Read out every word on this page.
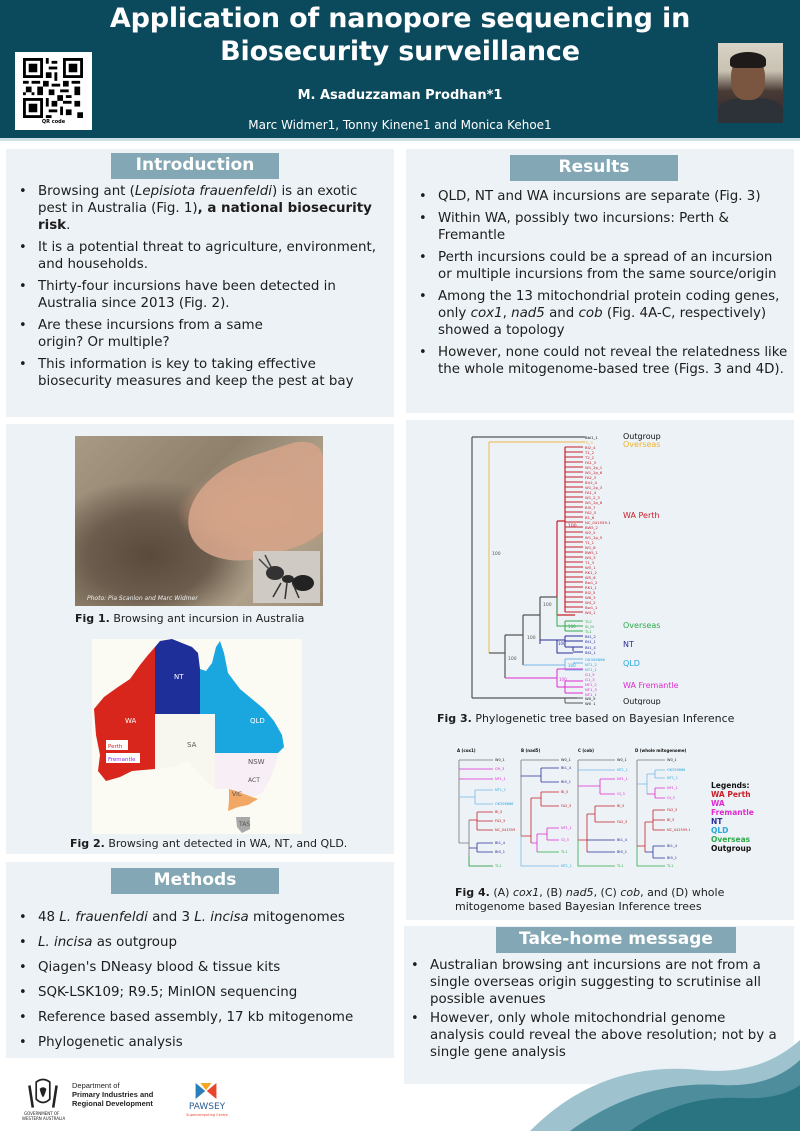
Application of nanopore sequencing in
Biosecurity surveillance
QR code
M. Asaduzzaman Prodhan*1
Marc Widmer1, Tonny Kinene1 and Monica Kehoe1
Introduction
• Browsing ant (Lepisiota frauenfeldi) is an exotic pest in Australia (Fig. 1), a national biosecurity risk.
• It is a potential threat to agriculture, environment, and households.
• Thirty-four incursions have been detected in Australia since 2013 (Fig. 2).
• Are these incursions from a same origin? Or multiple?
• This information is key to taking effective biosecurity measures and keep the pest at bay
Photo: Pia Scanlon and Marc Widmer
Fig 1. Browsing ant incursion in Australia
WA
NT
QLD
SA
NSW
ACT
VIC
TAS
Perth
Fremantle
Fig 2. Browsing ant detected in WA, NT, and QLD.
Methods
• 48 L. frauenfeldi and 3 L. incisa mitogenomes
• L. incisa as outgroup
• Qiagen's DNeasy blood & tissue kits
• SQK-LSK109; R9.5; MinION sequencing
• Reference based assembly, 17 kb mitogenome
• Phylogenetic analysis
GOVERNMENT OF
WESTERN AUSTRALIA
Department of
Primary Industries and
Regional Development	PAWSEY
Supercomputing Centre
Results
• QLD, NT and WA incursions are separate (Fig. 3)
• Within WA, possibly two incursions: Perth & Fremantle
• Perth incursions could be a spread of an incursion or multiple incursions from the same source/origin
• Among the 13 mitochondrial protein coding genes, only cox1, nad5 and cob (Fig. 4A-C, respectively) showed a topology
• However, none could not reveal the relatedness like the whole mitogenome-based tree (Figs. 3 and 4D).
100
100
100
100
100
BI2_4
T1_2
T2_2
FA1_5
W1_2p_1
W1_2p_6
FA2_3
Bir2_4
W1_2p_3
FA1_4
W1_2_3
W1_2p_6
BI5_7
FA2_5
B1_6
NC_041559.1
BW5_2
W2_5
W1_2p_5
T1_1
W1_6
BW5_1
W4_3
T1_3
W5_1
RK1_2
W5_6
Bw1_2
RK1_1
BI2_5
W6_3
W4_2
Bw1_1
W4_1
Bbl1_1
TI_3
100
TL2
SI_III
TL1
100
Bt1_2
Bt1_1
Bt1_4
Bt2_1
100
OK356666
NT1_2
NT1_1
100
G1_5
G1_3
NF1_2
NF1_3
NF1_1
W0_5
W0_1
Outgroup
Overseas
WA Perth
Overseas
NT
QLD
WA Fremantle
Outgroup
Fig 3. Phylogenetic tree based on Bayesian Inference
A (cox1)	B (nad5)	C (cob)	D (whole mitogenome)
W0_1
GH_3
NF1_1
NT1_1
OK356666
BI_5
FA2_5
NC_041559
Bt1_4
Bt5_1
TL1
W0_1
Bt1_4
Bt5_1
BI_5
FA2_5
NF1_1
GI_3
TL1
NT1_1
W0_1
NT1_1
NF1_1
GI_3
BI_5
FA2_5
Bt1_4
Bt5_1
TL1
W0_1
OK356666
NT1_1
NF1_1
GI_3
FA2_5
BI_5
NC_041559.1
Bt1_4
Bt5_1
TL1
Legends:
WA Perth
WA
Fremantle
NT
QLD
Overseas
Outgroup
Fig 4. (A) cox1, (B) nad5, (C) cob, and (D) whole mitogenome based Bayesian Inference trees
Take-home message
• Australian browsing ant incursions are not from a single overseas origin suggesting to scrutinise all possible avenues
• However, only whole mitochondrial genome analysis could reveal the above resolution; not by a single gene analysis
